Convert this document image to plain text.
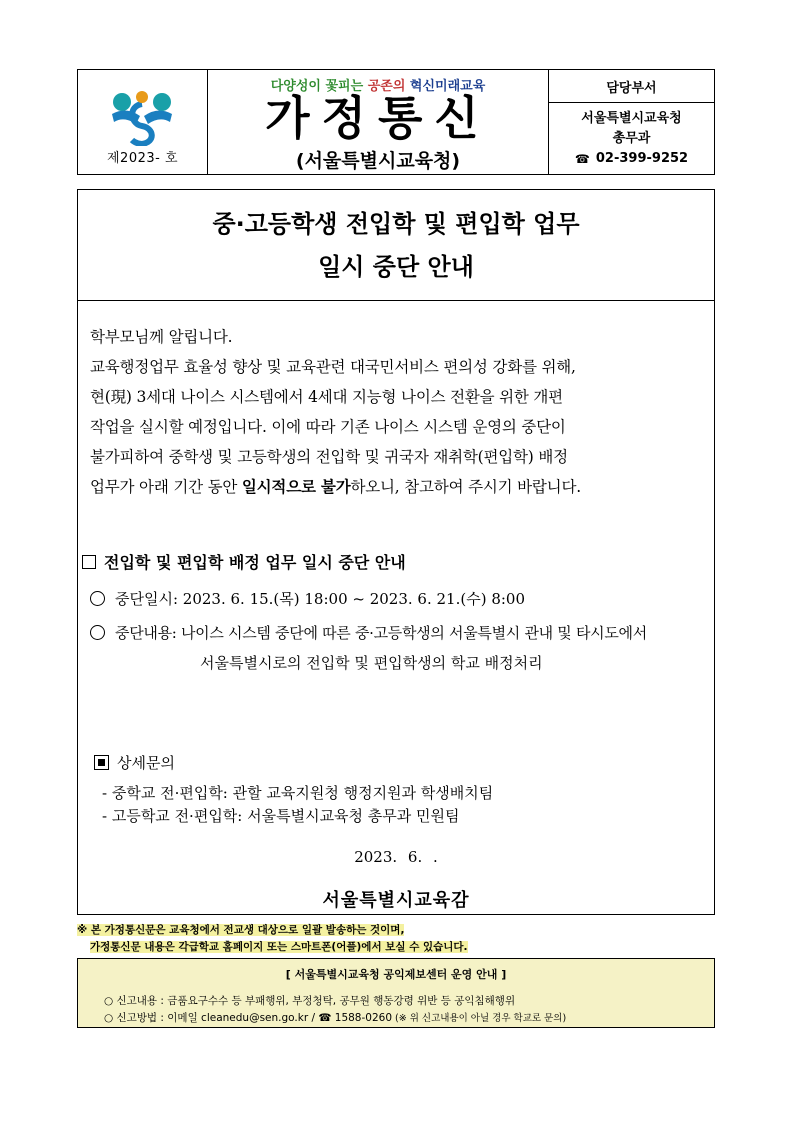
제2023- 호
다양성이 꽃피는 공존의 혁신미래교육
가정통신
(서울특별시교육청)
담당부서
서울특별시교육청
총무과
☎ 02-399-9252
중·고등학생 전입학 및 편입학 업무
일시 중단 안내
학부모님께 알립니다.
교육행정업무 효율성 향상 및 교육관련 대국민서비스 편의성 강화를 위해,
현(現) 3세대 나이스 시스템에서 4세대 지능형 나이스 전환을 위한 개편
작업을 실시할 예정입니다. 이에 따라 기존 나이스 시스템 운영의 중단이
불가피하여 중학생 및 고등학생의 전입학 및 귀국자 재취학(편입학) 배정
업무가 아래 기간 동안 일시적으로 불가하오니, 참고하여 주시기 바랍니다.
전입학 및 편입학 배정 업무 일시 중단 안내
중단일시: 2023. 6. 15.(목) 18:00 ~ 2023. 6. 21.(수) 8:00
중단내용: 나이스 시스템 중단에 따른 중·고등학생의 서울특별시 관내 및 타시도에서
서울특별시로의 전입학 및 편입학생의 학교 배정처리
상세문의
- 중학교 전·편입학: 관할 교육지원청 행정지원과 학생배치팀
- 고등학교 전·편입학: 서울특별시교육청 총무과 민원팀
2023. 6. .
서울특별시교육감
※ 본 가정통신문은 교육청에서 전교생 대상으로 일괄 발송하는 것이며,
가정통신문 내용은 각급학교 홈페이지 또는 스마트폰(어플)에서 보실 수 있습니다.
[ 서울특별시교육청 공익제보센터 운영 안내 ]
○ 신고내용 : 금품요구수수 등 부패행위, 부정청탁, 공무원 행동강령 위반 등 공익침해행위
○ 신고방법 : 이메일 cleanedu@sen.go.kr / ☎ 1588-0260 (※ 위 신고내용이 아닐 경우 학교로 문의)
